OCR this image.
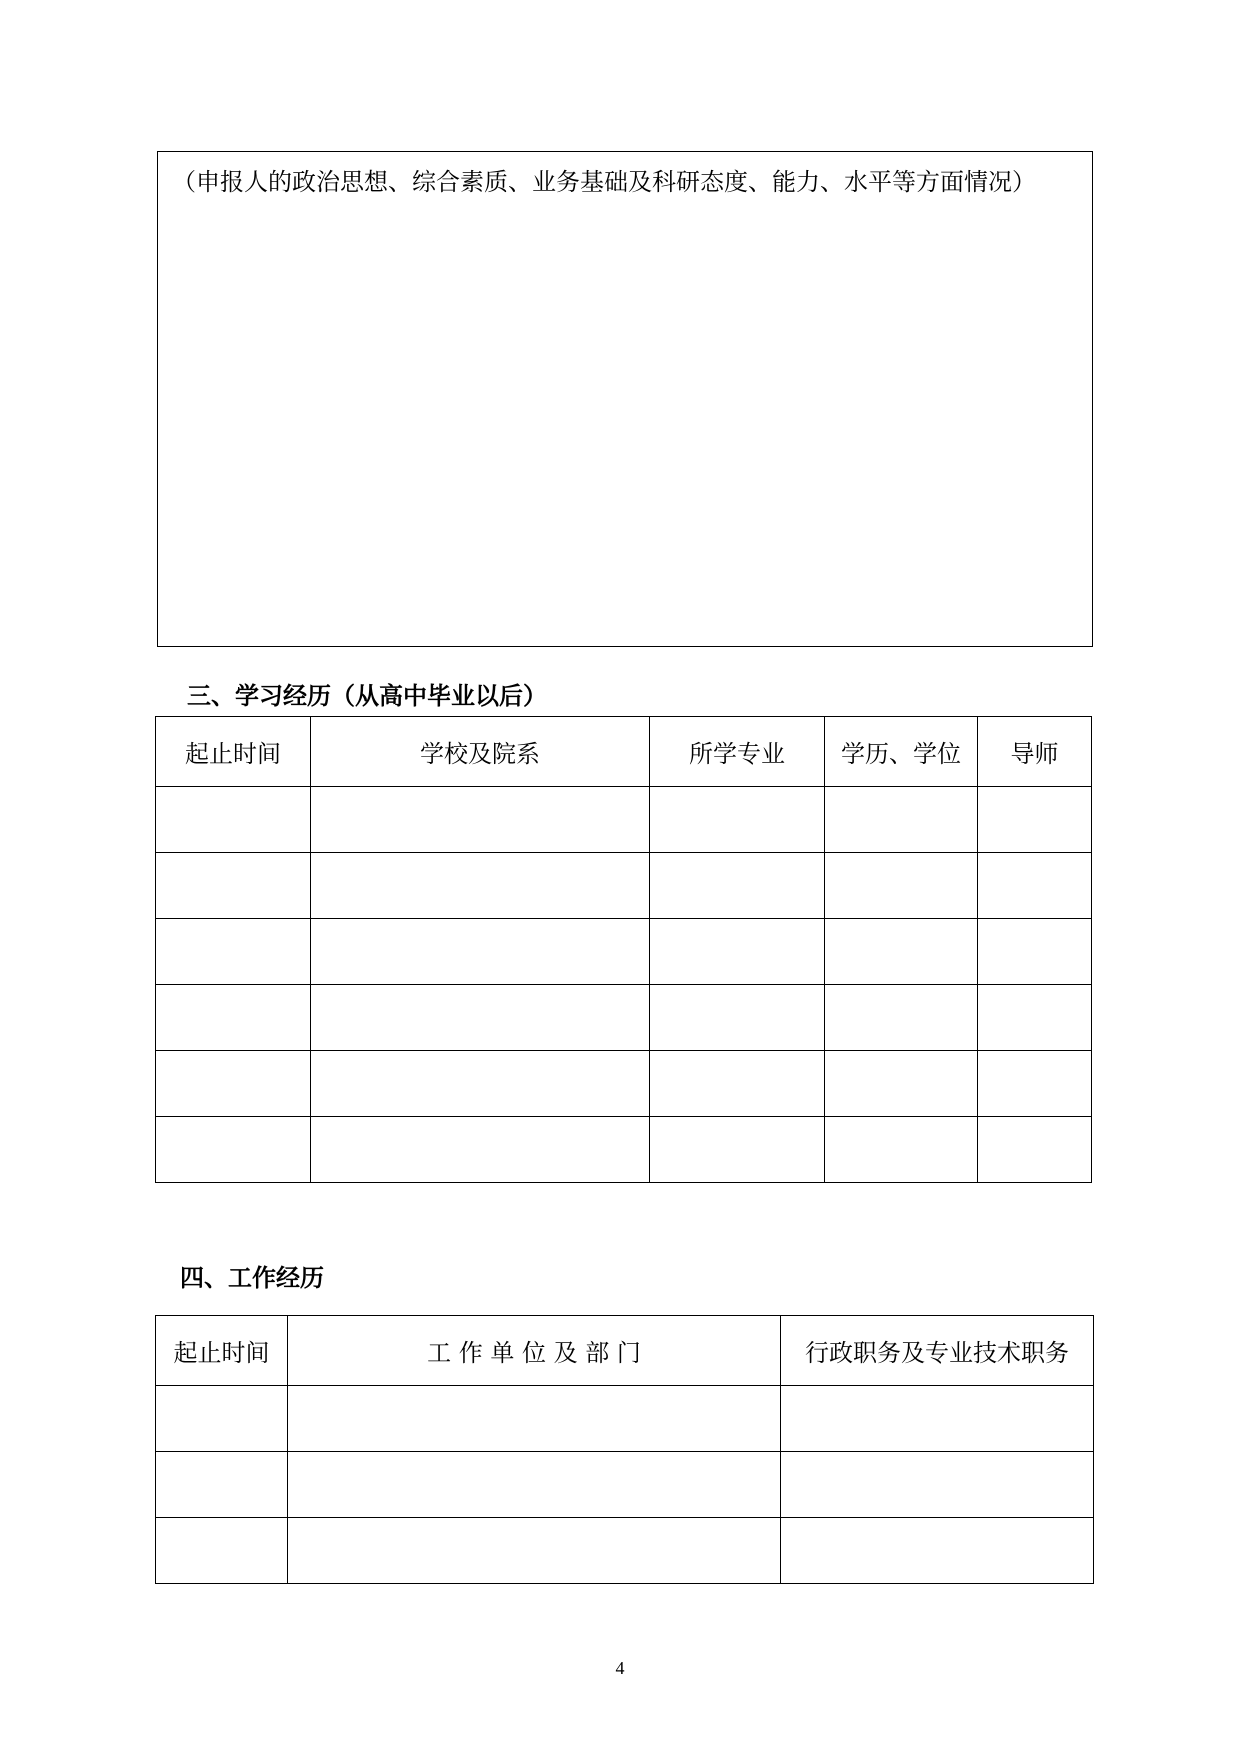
（申报人的政治思想、综合素质、业务基础及科研态度、能力、水平等方面情况）
三、学习经历（从高中毕业以后）
起止时间	学校及院系	所学专业	学历、学位	导师

四、工作经历
起止时间	工 作 单 位 及 部 门	行政职务及专业技术职务

4
